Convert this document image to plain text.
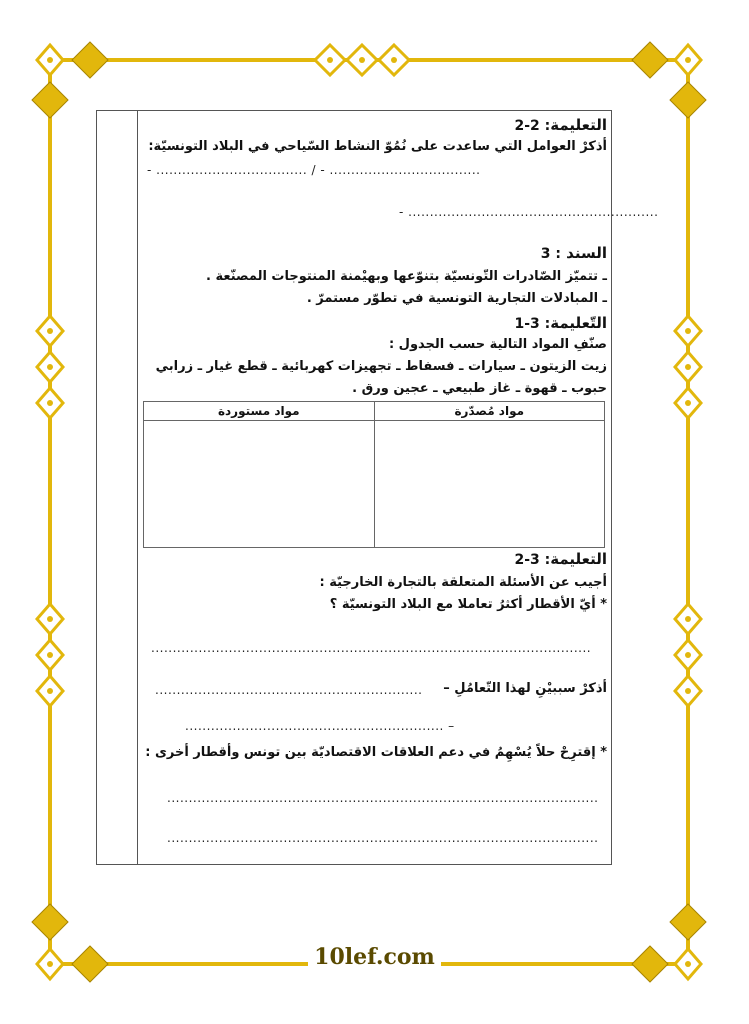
التعليمة2-2 :
أذكرْ العوامل التي ساعدت على نُمُوّ النشاط السّياحي في البلاد التونسيّة:
- ................................... / - ...................................
- ..........................................................
السند 3 :
ـ تتميّز الصّادرات التّونسيّة بتنوّعها وبهيْمنة المنتوجات المصنّعة .
ـ المبادلات التجارية التونسية في تطوّر مستمرّ .
التّعليمة1-3 :
صنّفِ المواد التالية حسب الجدول :
زيت الزيتون ـ سيارات ـ فسفاط ـ تجهيزات كهربائية ـ قطع غيار ـ زرابي
حبوب ـ قهوة ـ غاز طبيعي ـ عجين ورق .
مواد مُصدّرة	مواد مستوردة

التعليمة2-3 :
أجيب عن الأسئلة المتعلقة بالتجارة الخارجيّة :
* أيّ الأقطار أكثرُ تعاملا مع البلاد التونسيّة ؟
......................................................................................................
أذكرْ سببيْنِ لهذا التّعامُلِ –
..............................................................
............................................................ –
* إقترِحْ حلاً يُسْهِمُ في دعم العلاقات الاقتصاديّة بين تونس وأقطار أخرى :
....................................................................................................
....................................................................................................
10lef.com
